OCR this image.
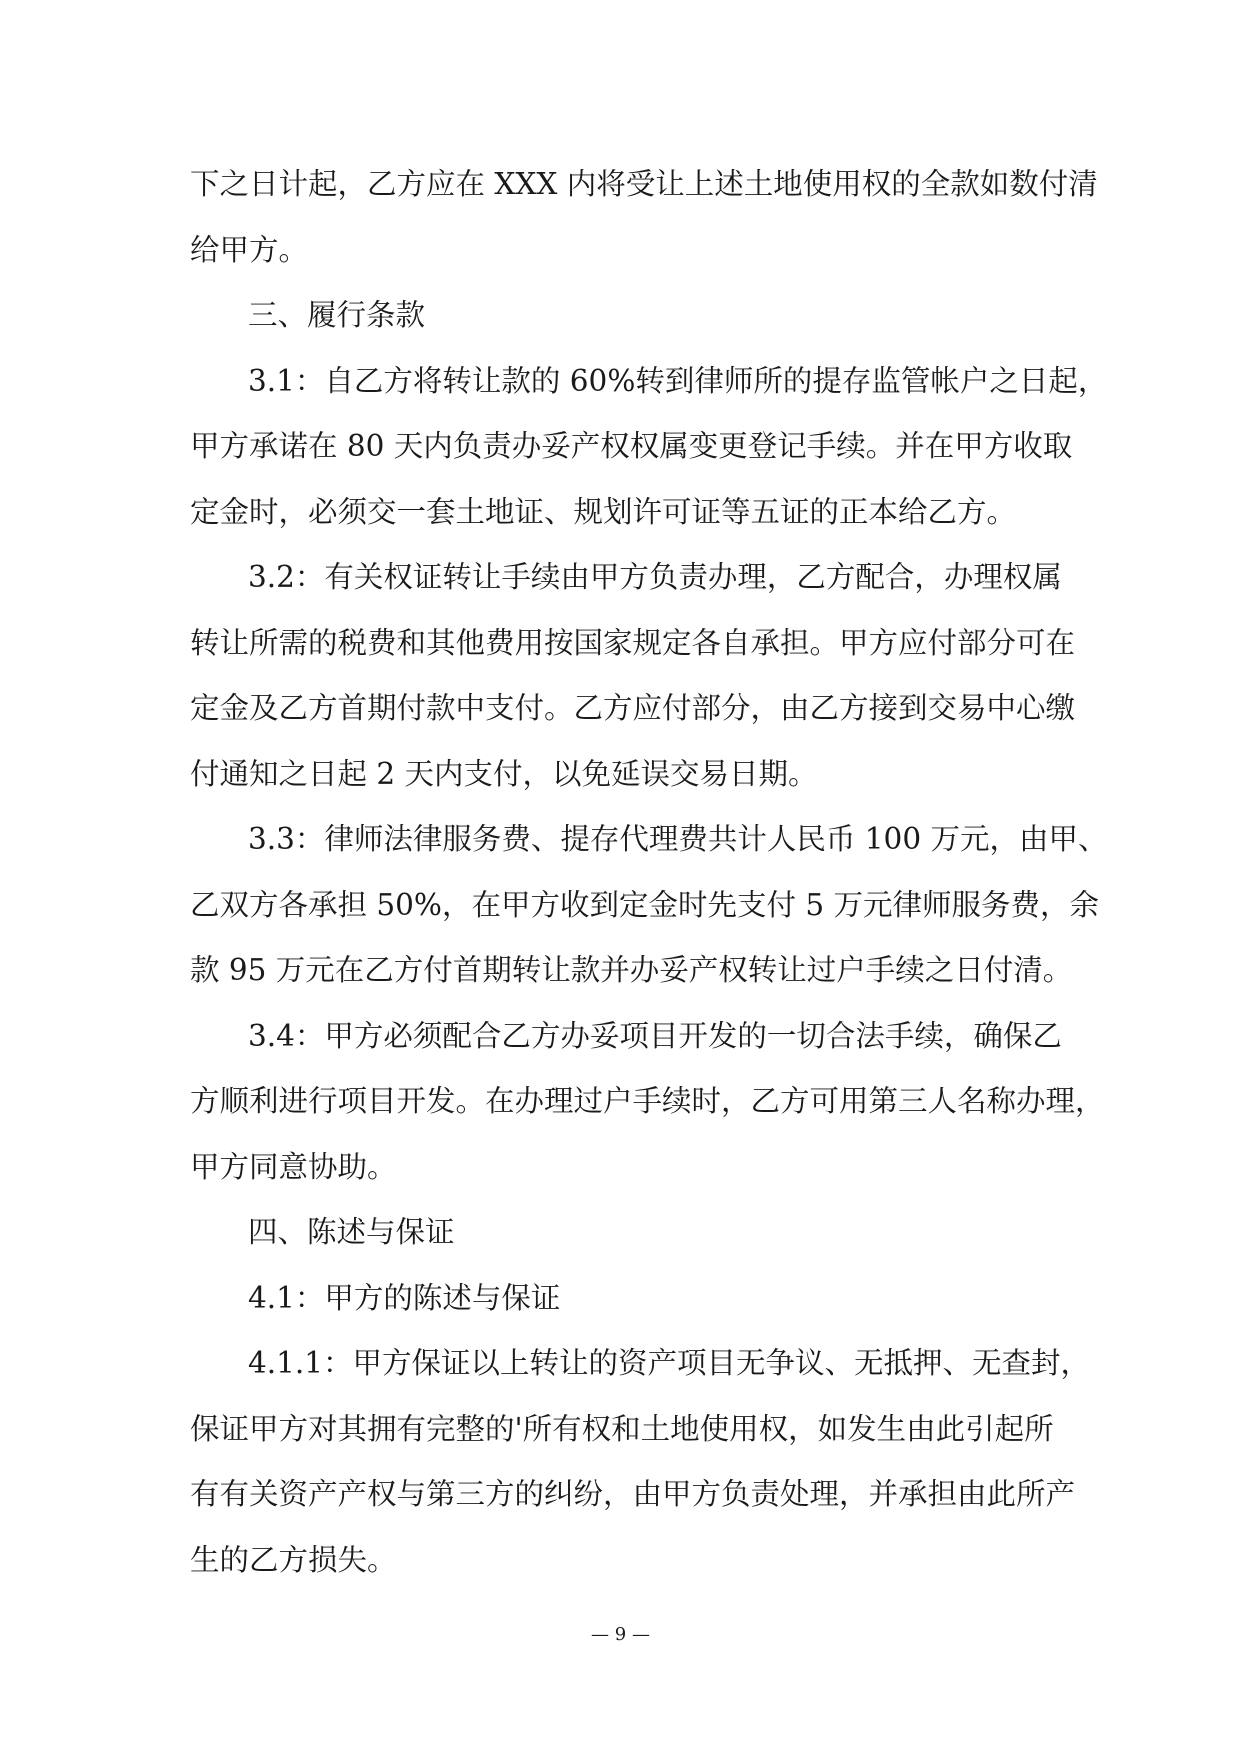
下之日计起，乙方应在 XXX 内将受让上述土地使用权的全款如数付清
给甲方。
三、履行条款
3.1：自乙方将转让款的 60%转到律师所的提存监管帐户之日起，
甲方承诺在 80 天内负责办妥产权权属变更登记手续。并在甲方收取
定金时，必须交一套土地证、规划许可证等五证的正本给乙方。
3.2：有关权证转让手续由甲方负责办理，乙方配合，办理权属
转让所需的税费和其他费用按国家规定各自承担。甲方应付部分可在
定金及乙方首期付款中支付。乙方应付部分，由乙方接到交易中心缴
付通知之日起 2 天内支付，以免延误交易日期。
3.3：律师法律服务费、提存代理费共计人民币 100 万元，由甲、
乙双方各承担 50%，在甲方收到定金时先支付 5 万元律师服务费，余
款 95 万元在乙方付首期转让款并办妥产权转让过户手续之日付清。
3.4：甲方必须配合乙方办妥项目开发的一切合法手续，确保乙
方顺利进行项目开发。在办理过户手续时，乙方可用第三人名称办理，
甲方同意协助。
四、陈述与保证
4.1：甲方的陈述与保证
4.1.1：甲方保证以上转让的资产项目无争议、无抵押、无查封，
保证甲方对其拥有完整的'所有权和土地使用权，如发生由此引起所
有有关资产产权与第三方的纠纷，由甲方负责处理，并承担由此所产
生的乙方损失。
— 9 —
